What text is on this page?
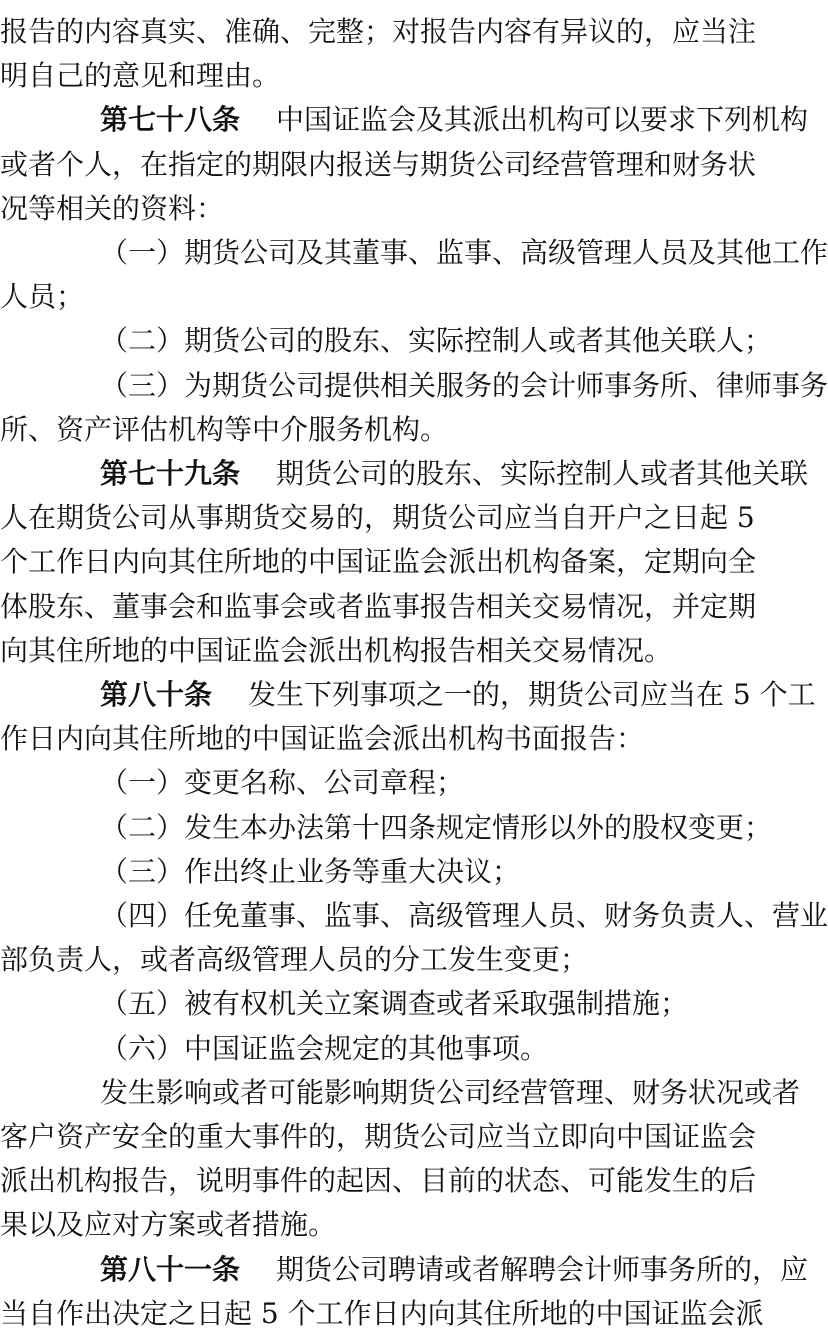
报告的内容真实、准确、完整；对报告内容有异议的，应当注
明自己的意见和理由。
第七十八条 中国证监会及其派出机构可以要求下列机构
或者个人，在指定的期限内报送与期货公司经营管理和财务状
况等相关的资料：
（一）期货公司及其董事、监事、高级管理人员及其他工作
人员；
（二）期货公司的股东、实际控制人或者其他关联人；
（三）为期货公司提供相关服务的会计师事务所、律师事务
所、资产评估机构等中介服务机构。
第七十九条 期货公司的股东、实际控制人或者其他关联
人在期货公司从事期货交易的，期货公司应当自开户之日起 5
个工作日内向其住所地的中国证监会派出机构备案，定期向全
体股东、董事会和监事会或者监事报告相关交易情况，并定期
向其住所地的中国证监会派出机构报告相关交易情况。
第八十条 发生下列事项之一的，期货公司应当在 5 个工
作日内向其住所地的中国证监会派出机构书面报告：
（一）变更名称、公司章程；
（二）发生本办法第十四条规定情形以外的股权变更；
（三）作出终止业务等重大决议；
（四）任免董事、监事、高级管理人员、财务负责人、营业
部负责人，或者高级管理人员的分工发生变更；
（五）被有权机关立案调查或者采取强制措施；
（六）中国证监会规定的其他事项。
发生影响或者可能影响期货公司经营管理、财务状况或者
客户资产安全的重大事件的，期货公司应当立即向中国证监会
派出机构报告，说明事件的起因、目前的状态、可能发生的后
果以及应对方案或者措施。
第八十一条 期货公司聘请或者解聘会计师事务所的，应
当自作出决定之日起 5 个工作日内向其住所地的中国证监会派
